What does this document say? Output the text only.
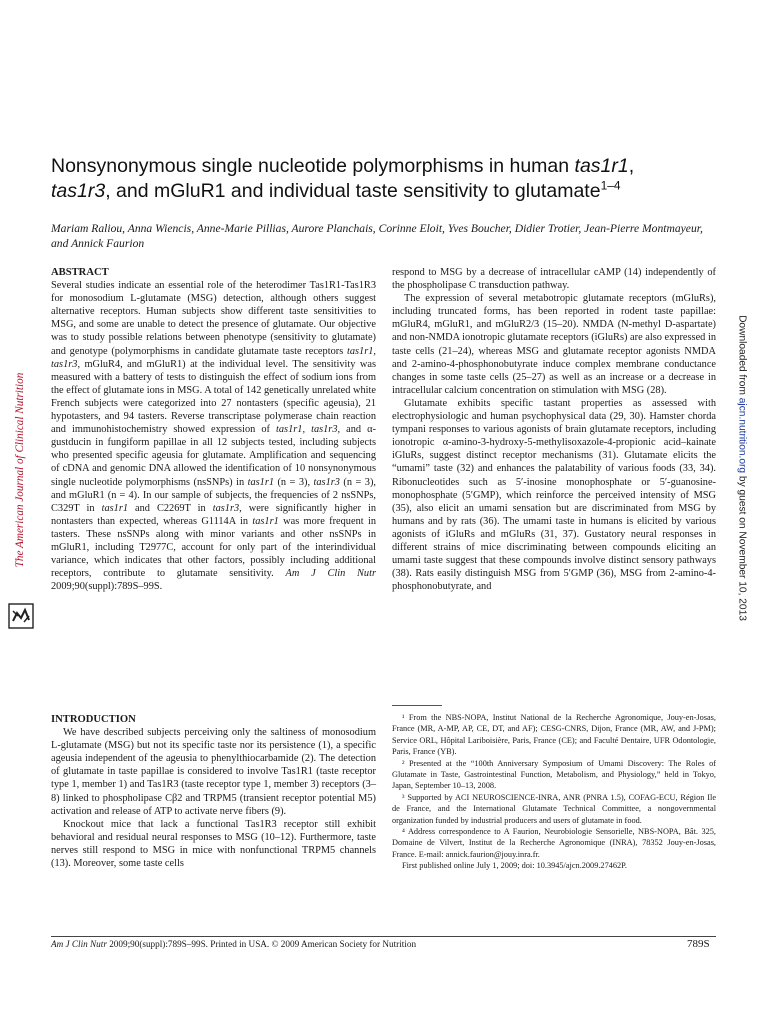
Nonsynonymous single nucleotide polymorphisms in human tas1r1,
tas1r3, and mGluR1 and individual taste sensitivity to glutamate$^{1-4}$

Mariam Raliou, Anna Wiencis, Anne-Marie Pillias, Aurore Planchais, Corinne Eloit, Yves Boucher, Didier Trotier, Jean-Pierre Montmayeur, and Annick Faurion

ABSTRACT

Several studies indicate an essential role of the heterodimer Tas1R1-Tas1R3 for monosodium L-glutamate (MSG) detection, although others suggest alternative receptors. Human subjects show different taste sensitivities to MSG, and some are unable to detect the presence of glutamate. Our objective was to study possible relations between phenotype (sensitivity to glutamate) and genotype (polymorphisms in candidate glutamate taste receptors tas1r1, tas1r3, mGluR4, and mGluR1) at the individual level. The sensitivity was measured with a battery of tests to distinguish the effect of sodium ions from the effect of glutamate ions in MSG. A total of 142 genetically unrelated white French subjects were categorized into 27 nontasters (specific ageusia), 21 hypotasters, and 94 tasters. Reverse transcriptase polymerase chain reaction and immunohistochemistry showed expression of tas1r1, tas1r3, and α-gustducin in fungiform papillae in all 12 subjects tested, including subjects who presented specific ageusia for glutamate. Amplification and sequencing of cDNA and genomic DNA allowed the identification of 10 nonsynonymous single nucleotide polymorphisms (nsSNPs) in tas1r1 (n = 3), tas1r3 (n = 3), and mGluR1 (n = 4). In our sample of subjects, the frequencies of 2 nsSNPs, C329T in tas1r1 and C2269T in tas1r3, were significantly higher in nontasters than expected, whereas G1114A in tas1r1 was more frequent in tasters. These nsSNPs along with minor variants and other nsSNPs in mGluR1, including T2977C, account for only part of the interindividual variance, which indicates that other factors, possibly including additional receptors, contribute to glutamate sensitivity. Am J Clin Nutr 2009;90(suppl):789S–99S.

INTRODUCTION

We have described subjects perceiving only the saltiness of monosodium L-glutamate (MSG) but not its specific taste nor its persistence (1), a specific ageusia independent of the ageusia to phenylthiocarbamide (2). The detection of glutamate in taste papillae is considered to involve Tas1R1 (taste receptor type 1, member 1) and Tas1R3 (taste receptor type 1, member 3) receptors (3–8) linked to phospholipase Cβ2 and TRPM5 (transient receptor potential M5) activation and release of ATP to activate nerve fibers (9).

Knockout mice that lack a functional Tas1R3 receptor still exhibit behavioral and residual neural responses to MSG (10–12). Furthermore, taste nerves still respond to MSG in mice with nonfunctional TRPM5 channels (13). Moreover, some taste cells

respond to MSG by a decrease of intracellular cAMP (14) independently of the phospholipase C transduction pathway.

The expression of several metabotropic glutamate receptors (mGluRs), including truncated forms, has been reported in rodent taste papillae: mGluR4, mGluR1, and mGluR2/3 (15–20). NMDA (N-methyl D-aspartate) and non-NMDA ionotropic glutamate receptors (iGluRs) are also expressed in taste cells (21–24), whereas MSG and glutamate receptor agonists NMDA and 2-amino-4-phosphonobutyrate induce complex membrane conductance changes in some taste cells (25–27) as well as an increase or a decrease in intracellular calcium concentration on stimulation with MSG (28).

Glutamate exhibits specific tastant properties as assessed with electrophysiologic and human psychophysical data (29, 30). Hamster chorda tympani responses to various agonists of brain glutamate receptors, including ionotropic α-amino-3-hydroxy-5-methylisoxazole-4-propionic acid–kainate iGluRs, suggest distinct receptor mechanisms (31). Glutamate elicits the “umami” taste (32) and enhances the palatability of various foods (33, 34). Ribonucleotides such as 5′-inosine monophosphate or 5′-guanosine-monophosphate (5′GMP), which reinforce the perceived intensity of MSG (35), also elicit an umami sensation but are discriminated from MSG by humans and by rats (36). The umami taste in humans is elicited by various agonists of iGluRs and mGluRs (31, 37). Gustatory neural responses in different strains of mice discriminating between compounds eliciting an umami taste suggest that these compounds involve distinct sensory pathways (38). Rats easily distinguish MSG from 5′GMP (36), MSG from 2-amino-4-phosphonobutyrate, and

¹ From the NBS-NOPA, Institut National de la Recherche Agronomique, Jouy-en-Josas, France (MR, A-MP, AP, CE, DT, and AF); CESG-CNRS, Dijon, France (MR, AW, and J-PM); Service ORL, Hôpital Lariboisière, Paris, France (CE); and Faculté Dentaire, UFR Odontologie, Paris, France (YB).

² Presented at the “100th Anniversary Symposium of Umami Discovery: The Roles of Glutamate in Taste, Gastrointestinal Function, Metabolism, and Physiology,” held in Tokyo, Japan, September 10–13, 2008.

³ Supported by ACI NEUROSCIENCE-INRA, ANR (PNRA 1.5), COFAG-ECU, Région Ile de France, and the International Glutamate Technical Committee, a nongovernmental organization funded by industrial producers and users of glutamate in food.

⁴ Address correspondence to A Faurion, Neurobiologie Sensorielle, NBS-NOPA, Bât. 325, Domaine de Vilvert, Institut de la Recherche Agronomique (INRA), 78352 Jouy-en-Josas, France. E-mail: annick.faurion@jouy.inra.fr.

First published online July 1, 2009; doi: 10.3945/ajcn.2009.27462P.

Am J Clin Nutr 2009;90(suppl):789S–99S. Printed in USA. © 2009 American Society for Nutrition	789S
The American Journal of Clinical Nutrition
Downloaded from ajcn.nutrition.org by guest on November 10, 2013
